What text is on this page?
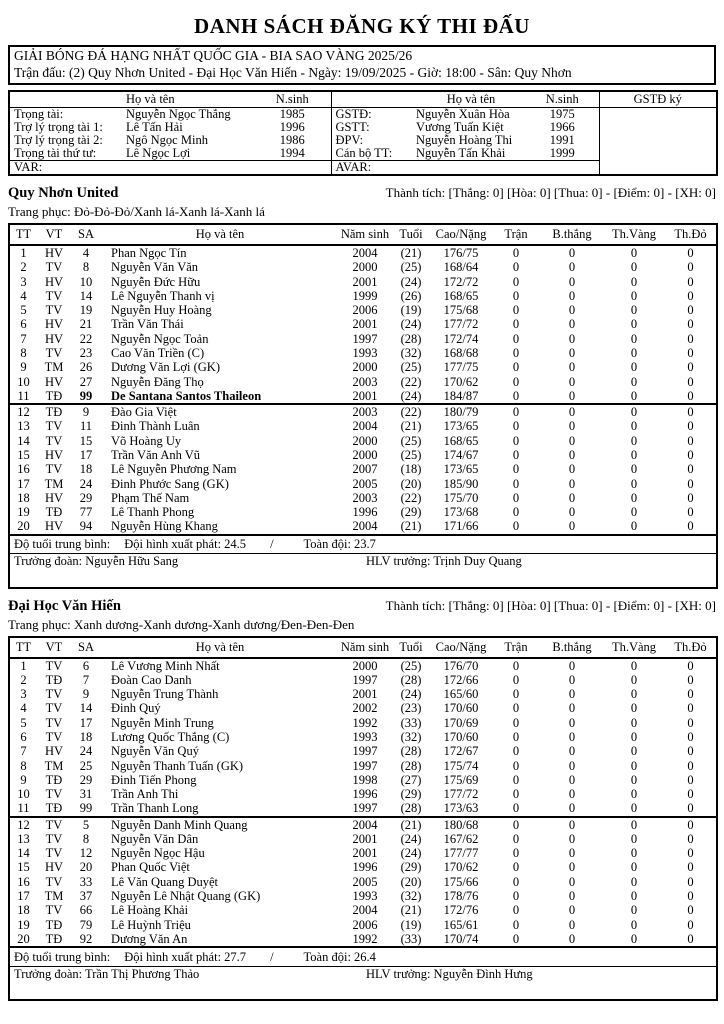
DANH SÁCH ĐĂNG KÝ THI ĐẤU
GIẢI BÓNG ĐÁ HẠNG NHẤT QUỐC GIA - BIA SAO VÀNG 2025/26
Trận đấu: (2) Quy Nhơn United - Đại Học Văn Hiến - Ngày: 19/09/2025 - Giờ: 18:00 - Sân: Quy Nhơn
	Họ và tên	N.sinh		Họ và tên	N.sinh	GSTĐ ký
Trọng tài:	Nguyễn Ngọc Thắng	1985	GSTĐ:	Nguyễn Xuân Hòa	1975	
Trợ lý trọng tài 1:	Lê Tấn Hải	1996	GSTT:	Vương Tuấn Kiệt	1966	
Trợ lý trọng tài 2:	Ngô Ngọc Minh	1986	ĐPV:	Nguyễn Hoàng Thi	1991	
Trọng tài thứ tư:	Lê Ngọc Lợi	1994	Cán bộ TT:	Nguyễn Tấn Khải	1999	
VAR:			AVAR:			
Quy Nhơn United	Thành tích: [Thắng: 0] [Hòa: 0] [Thua: 0] - [Điểm: 0] - [XH: 0]
Trang phục: Đỏ-Đỏ-Đỏ/Xanh lá-Xanh lá-Xanh lá
TT	VT	SA	Họ và tên	Năm sinh	Tuổi	Cao/Nặng	Trận	B.thắng	Th.Vàng	Th.Đỏ
1	HV	4	Phan Ngọc Tín	2004	(21)	176/75	0	0	0	0
2	TV	8	Nguyễn Văn Văn	2000	(25)	168/64	0	0	0	0
3	HV	10	Nguyễn Đức Hữu	2001	(24)	172/72	0	0	0	0
4	TV	14	Lê Nguyễn Thanh vị	1999	(26)	168/65	0	0	0	0
5	TV	19	Nguyễn Huy Hoàng	2006	(19)	175/68	0	0	0	0
6	HV	21	Trần Văn Thái	2001	(24)	177/72	0	0	0	0
7	HV	22	Nguyễn Ngọc Toản	1997	(28)	172/74	0	0	0	0
8	TV	23	Cao Văn Triền (C)	1993	(32)	168/68	0	0	0	0
9	TM	26	Dương Văn Lợi (GK)	2000	(25)	177/75	0	0	0	0
10	HV	27	Nguyễn Đăng Thọ	2003	(22)	170/62	0	0	0	0
11	TĐ	99	De Santana Santos Thaileon	2001	(24)	184/87	0	0	0	0
12	TĐ	9	Đào Gia Việt	2003	(22)	180/79	0	0	0	0
13	TV	11	Đinh Thành Luân	2004	(21)	173/65	0	0	0	0
14	TV	15	Võ Hoàng Uy	2000	(25)	168/65	0	0	0	0
15	HV	17	Trần Văn Anh Vũ	2000	(25)	174/67	0	0	0	0
16	TV	18	Lê Nguyễn Phương Nam	2007	(18)	173/65	0	0	0	0
17	TM	24	Đinh Phước Sang (GK)	2005	(20)	185/90	0	0	0	0
18	HV	29	Phạm Thế Nam	2003	(22)	175/70	0	0	0	0
19	TĐ	77	Lê Thanh Phong	1996	(29)	173/68	0	0	0	0
20	HV	94	Nguyễn Hùng Khang	2004	(21)	171/66	0	0	0	0
Độ tuổi trung bình: Đội hình xuất phát: 24.5 / Toàn đội: 23.7										
Trưởng đoàn: Nguyễn Hữu Sang HLV trưởng: Trịnh Duy Quang										
Đại Học Văn Hiến	Thành tích: [Thắng: 0] [Hòa: 0] [Thua: 0] - [Điểm: 0] - [XH: 0]
Trang phục: Xanh dương-Xanh dương-Xanh dương/Đen-Đen-Đen
TT	VT	SA	Họ và tên	Năm sinh	Tuổi	Cao/Nặng	Trận	B.thắng	Th.Vàng	Th.Đỏ
1	TV	6	Lê Vương Minh Nhất	2000	(25)	176/70	0	0	0	0
2	TĐ	7	Đoàn Cao Danh	1997	(28)	172/66	0	0	0	0
3	TV	9	Nguyễn Trung Thành	2001	(24)	165/60	0	0	0	0
4	TV	14	Đinh Quý	2002	(23)	170/60	0	0	0	0
5	TV	17	Nguyễn Minh Trung	1992	(33)	170/69	0	0	0	0
6	TV	18	Lương Quốc Thắng (C)	1993	(32)	170/60	0	0	0	0
7	HV	24	Nguyễn Văn Quý	1997	(28)	172/67	0	0	0	0
8	TM	25	Nguyễn Thanh Tuấn (GK)	1997	(28)	175/74	0	0	0	0
9	TĐ	29	Đinh Tiến Phong	1998	(27)	175/69	0	0	0	0
10	TV	31	Trần Anh Thi	1996	(29)	177/72	0	0	0	0
11	TĐ	99	Trần Thanh Long	1997	(28)	173/63	0	0	0	0
12	TV	5	Nguyễn Danh Minh Quang	2004	(21)	180/68	0	0	0	0
13	TV	8	Nguyễn Văn Dân	2001	(24)	167/62	0	0	0	0
14	TV	12	Nguyễn Ngọc Hậu	2001	(24)	177/77	0	0	0	0
15	HV	20	Phan Quốc Việt	1996	(29)	170/62	0	0	0	0
16	TV	33	Lê Văn Quang Duyệt	2005	(20)	175/66	0	0	0	0
17	TM	37	Nguyễn Lê Nhật Quang (GK)	1993	(32)	178/76	0	0	0	0
18	TV	66	Lê Hoàng Khải	2004	(21)	172/76	0	0	0	0
19	TĐ	79	Lê Huỳnh Triệu	2006	(19)	165/61	0	0	0	0
20	TĐ	92	Dương Văn An	1992	(33)	170/74	0	0	0	0
Độ tuổi trung bình: Đội hình xuất phát: 27.7 / Toàn đội: 26.4										
Trưởng đoàn: Trần Thị Phương Thảo HLV trưởng: Nguyễn Đình Hưng										
